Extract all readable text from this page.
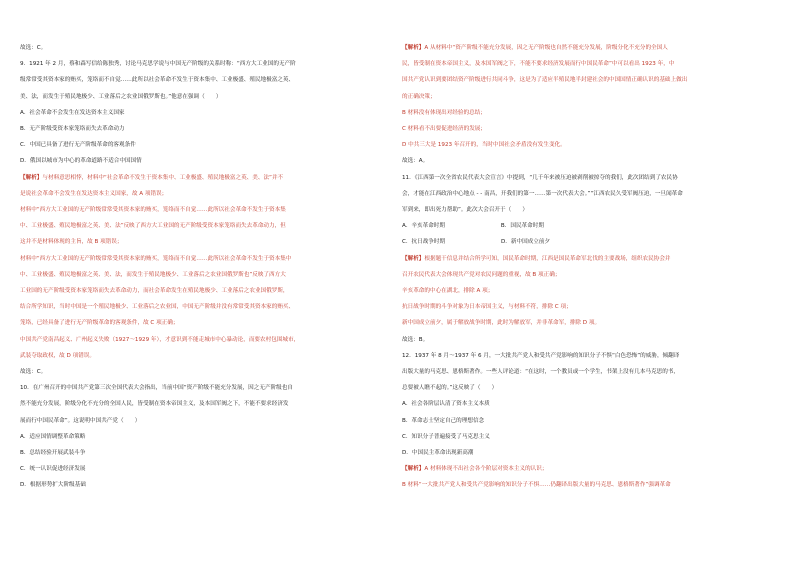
故选：C。

9．1921 年 2 月，蔡和森写信给陈独秀，讨论马克思学说与中国无产阶级的关系时称：“西方大工业国的无产阶

级常常受其资本家的贿买，笼络而不自觉……此所以社会革命不发生于资本集中、工业极盛、殖民地极富之英、

美、法，而发生于殖民地极少、工业落后之农业国俄罗斯也。”他意在强调（　　）

A．社会革命不会发生在发达资本主义国家

B．无产阶级受资本家笼络而失去革命动力

C．中国已具备了进行无产阶级革命的客观条件

D．俄国以城市为中心的革命道路不适合中国国情

【解析】与材料意思相悖，材料中“社会革命不发生于资本集中、工业极盛、殖民地极富之英、美、法”并不

是说社会革命不会发生在发达资本主义国家，故 A 项错误；

材料中“西方大工业国的无产阶级常常受其资本家的贿买，笼络而不自觉……此所以社会革命不发生于资本集

中、工业极盛、殖民地极富之英、美、法”反映了西方大工业国的无产阶级受资本家笼络而失去革命动力，但

这并不是材料体现的主旨，故 B 项错误；

材料中“西方大工业国的无产阶级常常受其资本家的贿买，笼络而不自觉……此所以社会革命不发生于资本集中

中、工业极盛、殖民地极富之英、美、法，而发生于殖民地极少、工业落后之农业国俄罗斯也”反映了西方大

工业国的无产阶级受资本家笼络而失去革命动力，而社会革命发生在殖民地极少、工业落后之农业国俄罗斯，

结合所学知识，当时中国是一个殖民地极少、工业落后之农业国，中国无产阶级并没有常常受其资本家的贿买、

笼络，已经具备了进行无产阶级革命的客观条件，故 C 项正确；

中国共产党南昌起义、广州起义失败（1927～1929 年），才意识到不能走城市中心暴动论，而要农村包围城市，

武装夺取政权，故 D 项错误。

故选：C。

10．在广州召开的中国共产党第三次全国代表大会指出，当前中国“资产阶级不能充分发展，因之无产阶级也自

然不能充分发展，阶级分化不充分的全国人民，皆受制在资本帝国主义，及本国军阀之下，不能不要求经济发

展而行中国民革命”。这说明中国共产党（　　）

A．适应国情调整革命策略

B．总结经验开展武装斗争

C．统一认识促进经济发展

D．根据形势扩大阶级基础

【解析】A 从材料中“资产阶级不能充分发展，因之无产阶级也自然不能充分发展，阶级分化不充分的全国人

民，皆受制在资本帝国主义，及本国军阀之下，不能不要求经济发展而行中国民革命”中可以看出 1923 年，中

国共产党认识到要团结资产阶级进行共同斗争，这是为了适应半殖民地半封建社会的中国国情正确认识的基础上做出

的正确决策；

B 材料没有体现出对经验的总结；

C 材料看不出要促进经济的发展；

D 中共三大是 1923 年召开的，当时中国社会矛盾没有发生变化。

故选：A。

11．《江西第一次全省农民代表大会宣言》中提到，“几千年来被压迫被剥削被掠夺的我们，此次团结到了农民协

会，才能在江西政治中心地点 - - 南昌，开我们的第一……第一次代表大会。”“江西农民久受军阀压迫，一旦闻革命

军到来，即出死力帮助”。此次大会召开于（　　）

A．辛亥革命时期　　　　　　　　　　B．国民革命时期

C．抗日战争时期　　　　　　　　　　D．新中国成立前夕

【解析】根据题干信息并结合所学可知，国民革命时期，江西是国民革命军北伐的主要战场，组织农民协会并

召开农民代表大会体现共产党对农民问题的重视，故 B 项正确；

辛亥革命的中心在湖北，排除 A 项；

抗日战争时期的斗争对象为日本帝国主义，与材料不符，排除 C 项；

新中国成立前夕，属于解放战争时期，此时为解放军，并非革命军，排除 D 项。

故选：B。

12．1937 年 8 月～1937 年 6 月，一大批共产党人和受共产党影响的知识分子不惧“白色恐怖”的威胁，倾翻译

出版大量的马克思、恩格斯著作。一些人评论道：“在这时，一个教员或一个学生，书架上没有几本马克思的书，

总要被人瞧不起的。”这反映了（　　）

A．社会各阶层认清了资本主义本质

B．革命志士坚定自己的理想信念

C．知识分子普遍接受了马克思主义

D．中国民主革命出现新高潮

【解析】A 材料体现不出社会各个阶层对资本主义的认识；

B 材料“一大批共产党人和受共产党影响的知识分子不惧……仍翻译出版大量的马克思、恩格斯著作”强调革命
